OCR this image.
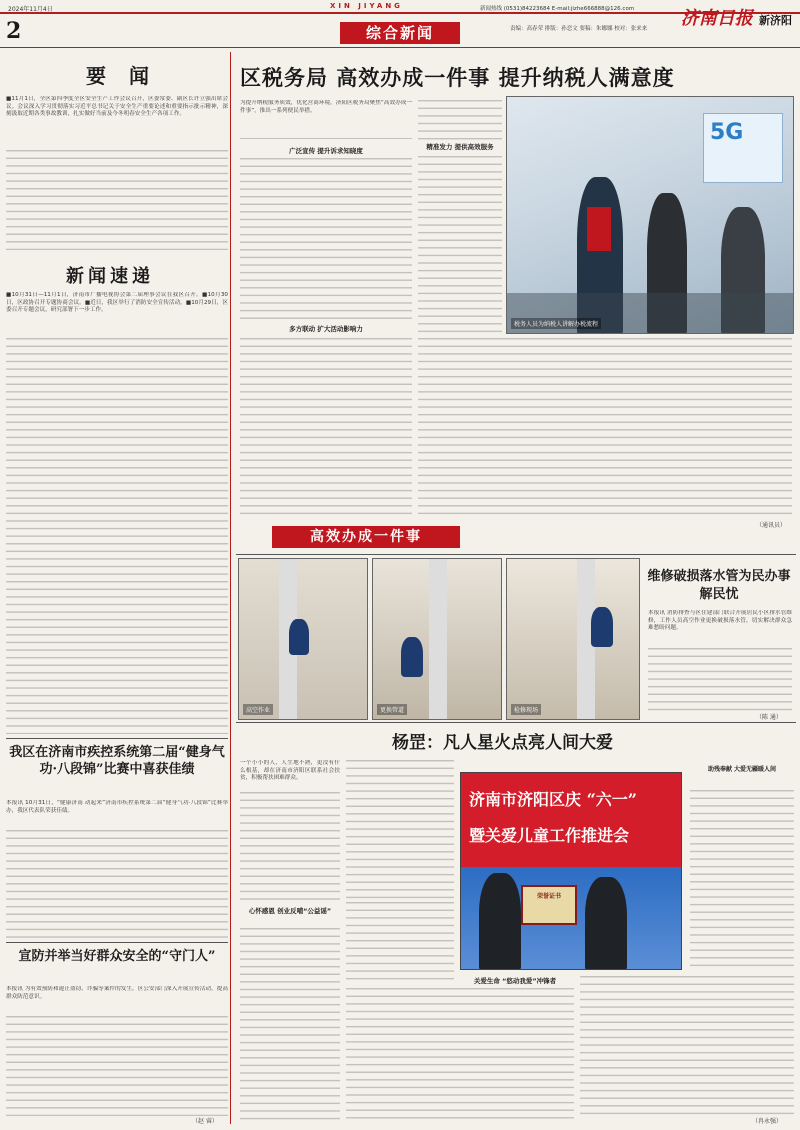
2024年11月4日
2
XIN JIYANG	新闻热线 (0531)84223684 E-mail:jizhe666888@126.com
责编：高春荣 排版：孙恋文 要稿：朱娜娜 校对：张来来 济南日报 新济阳
综合新闻
要 闻
■11月1日，全区第四季度全区安全生产工作会议召开，区委常委、副区长许立强出席会议。会议深入学习贯彻落实习近平总书记关于安全生产重要论述和重要指示批示精神，深刻汲取近期各类事故教训，扎实做好当前及今冬明春安全生产各项工作。
新闻速递
■10月31日—11月1日，济南市广播电视协会第二届理事会议在我区召开。■10月30日，区政协召开专题协商会议。■近日，我区举行了消防安全宣传活动。■10月29日，区委召开专题会议，研究部署下一步工作。
我区在济南市疾控系统第二届“健身气功·八段锦”比赛中喜获佳绩
本报讯 10月31日，“健康济南 动起来”济南市疾控系统第二届“健身气功·八段锦”比赛举办，我区代表队荣获佳绩。
宣防并举当好群众安全的“守门人”
本报讯 为有效预防和遏止盗窃、诈骗等案件的发生，区公安部门深入开展宣传活动，提高群众防范意识。
（赵 睿）
区税务局 高效办成一件事 提升纳税人满意度
为提升纳税服务质效，优化营商环境，济阳区税务局聚焦“高效办成一件事”，推出一系列便民举措。
广泛宣传 提升诉求知晓度
多方联动 扩大活动影响力
精准发力 提供高效服务
5G
税务人员为纳税人讲解办税流程
高效办成一件事
（通讯员）
高空作业	更换管道	检修现场
维修破损落水管为民办事解民忧
本报讯 消防排查与区住建部门联合开展居民小区排水管维修，工作人员高空作业更换破损落水管，切实解决群众急难愁盼问题。
（陈 通）
杨罡：凡人星火点亮人间大爱
一个小小的人，人生地不熟，更没有什么根基，却在济南市济阳区联系社会扶贫，积极帮扶困难群众。
心怀感恩 创业反哺“公益谣”
关爱生命 “悠动我爱”冲锋者
济南市济阳区庆 “六一”
暨关爱儿童工作推进会
荣誉证书
助残奉献 大爱无疆暖人间
（冉永强）
